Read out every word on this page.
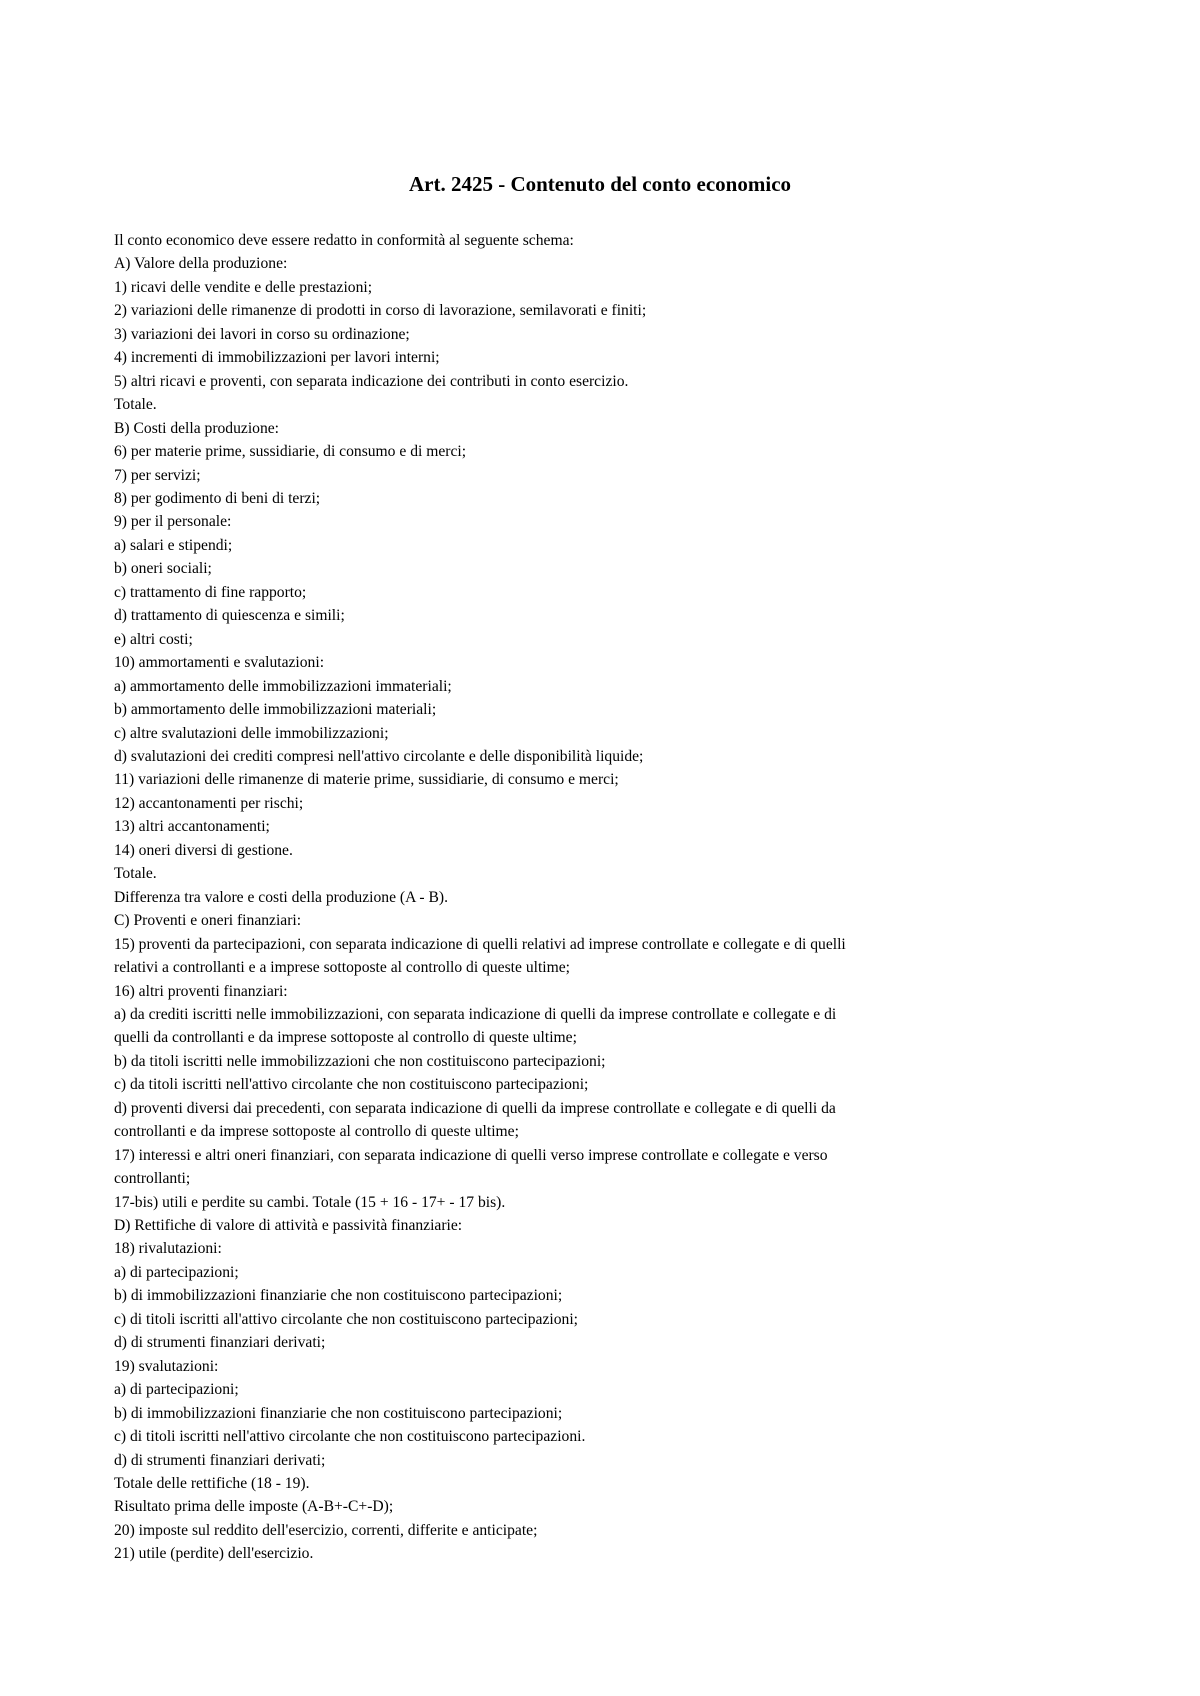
Art. 2425 - Contenuto del conto economico
Il conto economico deve essere redatto in conformità al seguente schema:
A) Valore della produzione:
1) ricavi delle vendite e delle prestazioni;
2) variazioni delle rimanenze di prodotti in corso di lavorazione, semilavorati e finiti;
3) variazioni dei lavori in corso su ordinazione;
4) incrementi di immobilizzazioni per lavori interni;
5) altri ricavi e proventi, con separata indicazione dei contributi in conto esercizio.
Totale.
B) Costi della produzione:
6) per materie prime, sussidiarie, di consumo e di merci;
7) per servizi;
8) per godimento di beni di terzi;
9) per il personale:
a) salari e stipendi;
b) oneri sociali;
c) trattamento di fine rapporto;
d) trattamento di quiescenza e simili;
e) altri costi;
10) ammortamenti e svalutazioni:
a) ammortamento delle immobilizzazioni immateriali;
b) ammortamento delle immobilizzazioni materiali;
c) altre svalutazioni delle immobilizzazioni;
d) svalutazioni dei crediti compresi nell'attivo circolante e delle disponibilità liquide;
11) variazioni delle rimanenze di materie prime, sussidiarie, di consumo e merci;
12) accantonamenti per rischi;
13) altri accantonamenti;
14) oneri diversi di gestione.
Totale.
Differenza tra valore e costi della produzione (A - B).
C) Proventi e oneri finanziari:
15) proventi da partecipazioni, con separata indicazione di quelli relativi ad imprese controllate e collegate e di quelli
relativi a controllanti e a imprese sottoposte al controllo di queste ultime;
16) altri proventi finanziari:
a) da crediti iscritti nelle immobilizzazioni, con separata indicazione di quelli da imprese controllate e collegate e di
quelli da controllanti e da imprese sottoposte al controllo di queste ultime;
b) da titoli iscritti nelle immobilizzazioni che non costituiscono partecipazioni;
c) da titoli iscritti nell'attivo circolante che non costituiscono partecipazioni;
d) proventi diversi dai precedenti, con separata indicazione di quelli da imprese controllate e collegate e di quelli da
controllanti e da imprese sottoposte al controllo di queste ultime;
17) interessi e altri oneri finanziari, con separata indicazione di quelli verso imprese controllate e collegate e verso
controllanti;
17-bis) utili e perdite su cambi. Totale (15 + 16 - 17+ - 17 bis).
D) Rettifiche di valore di attività e passività finanziarie:
18) rivalutazioni:
a) di partecipazioni;
b) di immobilizzazioni finanziarie che non costituiscono partecipazioni;
c) di titoli iscritti all'attivo circolante che non costituiscono partecipazioni;
d) di strumenti finanziari derivati;
19) svalutazioni:
a) di partecipazioni;
b) di immobilizzazioni finanziarie che non costituiscono partecipazioni;
c) di titoli iscritti nell'attivo circolante che non costituiscono partecipazioni.
d) di strumenti finanziari derivati;
Totale delle rettifiche (18 - 19).
Risultato prima delle imposte (A-B+-C+-D);
20) imposte sul reddito dell'esercizio, correnti, differite e anticipate;
21) utile (perdite) dell'esercizio.
